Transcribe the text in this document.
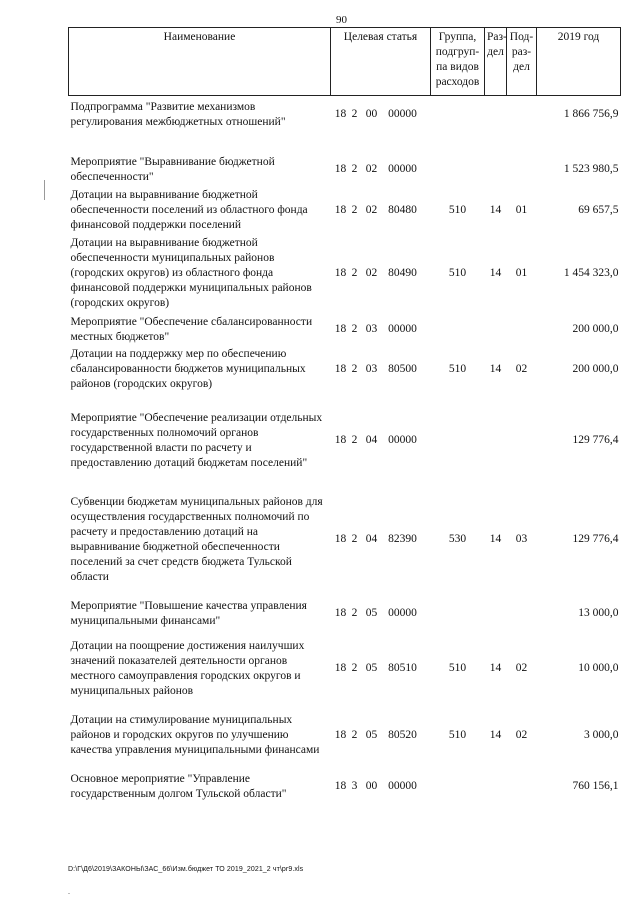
90
Наименование	Целевая статья	Группа, подгруп-па видов расходов	Раз-дел	Под-раз-дел	2019 год
Подпрограмма "Развитие механизмов регулирования межбюджетных отношений"	18 2 00 00000				1 866 756,9
Мероприятие "Выравнивание бюджетной обеспеченности"	18 2 02 00000				1 523 980,5
Дотации на выравнивание бюджетной обеспеченности поселений из областного фонда финансовой поддержки поселений	18 2 02 80480	510	14	01	69 657,5
Дотации на выравнивание бюджетной обеспеченности муниципальных районов (городских округов) из областного фонда финансовой поддержки муниципальных районов (городских округов)	18 2 02 80490	510	14	01	1 454 323,0
Мероприятие "Обеспечение сбалансированности местных бюджетов"	18 2 03 00000				200 000,0
Дотации на поддержку мер по обеспечению сбалансированности бюджетов муниципальных районов (городских округов)	18 2 03 80500	510	14	02	200 000,0
Мероприятие "Обеспечение реализации отдельных государственных полномочий органов государственной власти по расчету и предоставлению дотаций бюджетам поселений"	18 2 04 00000				129 776,4
Субвенции бюджетам муниципальных районов для осуществления государственных полномочий по расчету и предоставлению дотаций на выравнивание бюджетной обеспеченности поселений за счет средств бюджета Тульской области	18 2 04 82390	530	14	03	129 776,4
Мероприятие "Повышение качества управления муниципальными финансами"	18 2 05 00000				13 000,0
Дотации на поощрение достижения наилучших значений показателей деятельности органов местного самоуправления городских округов и муниципальных районов	18 2 05 80510	510	14	02	10 000,0
Дотации на стимулирование муниципальных районов и городских округов по улучшению качества управления муниципальными финансами	18 2 05 80520	510	14	02	3 000,0
Основное мероприятие "Управление государственным долгом Тульской области"	18 3 00 00000				760 156,1
D:\Г\Д6\2019\ЗАКОНЫ\ЗАС_66\Изм.бюджет ТО 2019_2021_2 чт\pr9.xls
.
